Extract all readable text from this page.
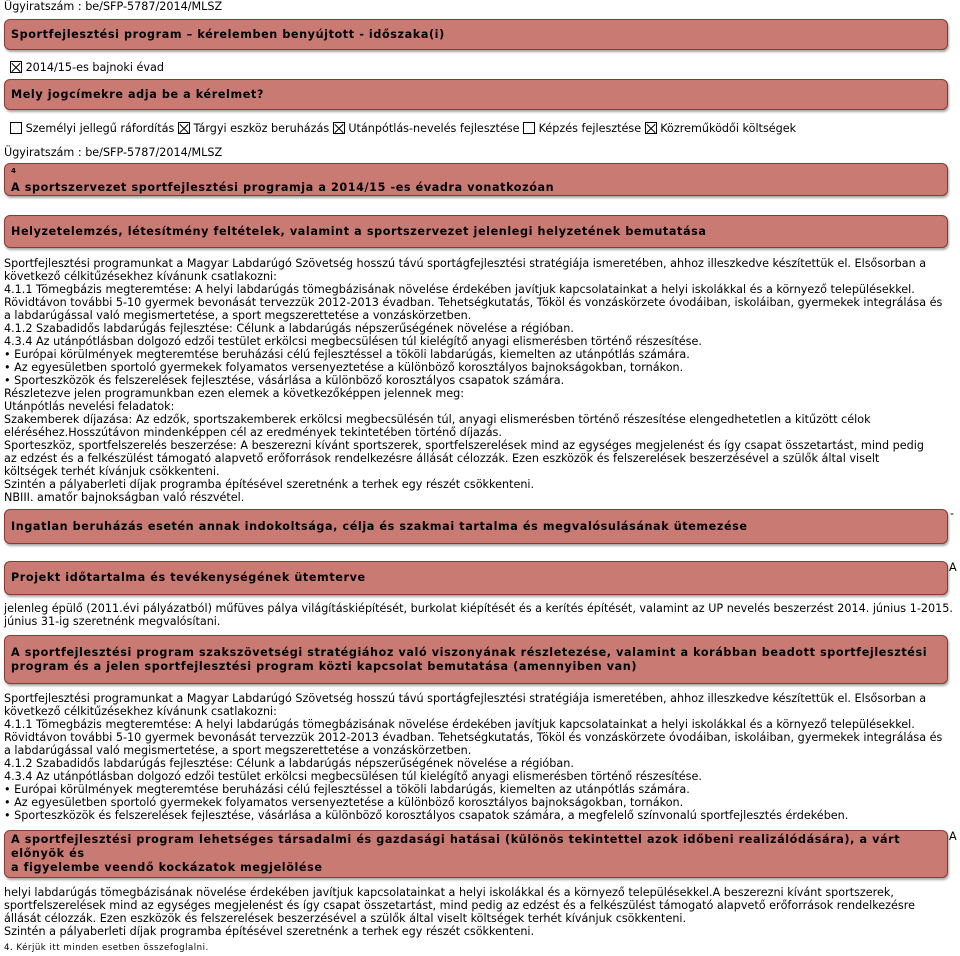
Ügyiratszám : be/SFP-5787/2014/MLSZ
Sportfejlesztési program – kérelemben benyújtott - időszaka(i)
2014/15-es bajnoki évad
Mely jogcímekre adja be a kérelmet?
Személyi jellegű ráfordítás Tárgyi eszköz beruházás Utánpótlás-nevelés fejlesztése Képzés fejlesztése Közreműködői költségek
Ügyiratszám : be/SFP-5787/2014/MLSZ
$^4$
A sportszervezet sportfejlesztési programja a 2014/15 -es évadra vonatkozóan
Helyzetelemzés, létesítmény feltételek, valamint a sportszervezet jelenlegi helyzetének bemutatása
Sportfejlesztési programunkat a Magyar Labdarúgó Szövetség hosszú távú sportágfejlesztési stratégiája ismeretében, ahhoz illeszkedve készítettük el. Elsősorban a
következő célkitűzésekhez kívánunk csatlakozni:
4.1.1 Tömegbázis megteremtése: A helyi labdarúgás tömegbázisának növelése érdekében javítjuk kapcsolatainkat a helyi iskolákkal és a környező településekkel.
Rövidtávon további 5-10 gyermek bevonását tervezzük 2012-2013 évadban. Tehetségkutatás, Tököl és vonzáskörzete óvodáiban, iskoláiban, gyermekek integrálása és
a labdarúgással való megismertetése, a sport megszerettetése a vonzáskörzetben.
4.1.2 Szabadidős labdarúgás fejlesztése: Célunk a labdarúgás népszerűségének növelése a régióban.
4.3.4 Az utánpótlásban dolgozó edzői testület erkölcsi megbecsülésen túl kielégítő anyagi elismerésben történő részesítése.
• Európai körülmények megteremtése beruházási célú fejlesztéssel a tököli labdarúgás, kiemelten az utánpótlás számára.
• Az egyesületben sportoló gyermekek folyamatos versenyeztetése a különböző korosztályos bajnokságokban, tornákon.
• Sporteszközök és felszerelések fejlesztése, vásárlása a különböző korosztályos csapatok számára.
Részletezve jelen programunkban ezen elemek a következőképpen jelennek meg:
Utánpótlás nevelési feladatok:
Szakemberek díjazása: Az edzők, sportszakemberek erkölcsi megbecsülésén túl, anyagi elismerésben történő részesítése elengedhetetlen a kitűzött célok
eléréséhez.Hosszútávon mindenképpen cél az eredmények tekintetében történő díjazás.
Sporteszköz, sportfelszerelés beszerzése: A beszerezni kívánt sportszerek, sportfelszerelések mind az egységes megjelenést és így csapat összetartást, mind pedig
az edzést és a felkészülést támogató alapvető erőforrások rendelkezésre állását célozzák. Ezen eszközök és felszerelések beszerzésével a szülők által viselt
költségek terhét kívánjuk csökkenteni.
Szintén a pályaberleti díjak programba építésével szeretnénk a terhek egy részét csökkenteni.
NBIII. amatőr bajnokságban való részvétel.
-
Ingatlan beruházás esetén annak indokoltsága, célja és szakmai tartalma és megvalósulásának ütemezése
A
Projekt időtartalma és tevékenységének ütemterve
jelenleg épülő (2011.évi pályázatból) műfüves pálya világításkiépítését, burkolat kiépítését és a kerítés építését, valamint az UP nevelés beszerzést 2014. június 1-2015.
június 31-ig szeretnénk megvalósítani.
A sportfejlesztési program szakszövetségi stratégiához való viszonyának részletezése, valamint a korábban beadott sportfejlesztési
program és a jelen sportfejlesztési program közti kapcsolat bemutatása (amennyiben van)
Sportfejlesztési programunkat a Magyar Labdarúgó Szövetség hosszú távú sportágfejlesztési stratégiája ismeretében, ahhoz illeszkedve készítettük el. Elsősorban a
következő célkitűzésekhez kívánunk csatlakozni:
4.1.1 Tömegbázis megteremtése: A helyi labdarúgás tömegbázisának növelése érdekében javítjuk kapcsolatainkat a helyi iskolákkal és a környező településekkel.
Rövidtávon további 5-10 gyermek bevonását tervezzük 2012-2013 évadban. Tehetségkutatás, Tököl és vonzáskörzete óvodáiban, iskoláiban, gyermekek integrálása és
a labdarúgással való megismertetése, a sport megszerettetése a vonzáskörzetben.
4.1.2 Szabadidős labdarúgás fejlesztése: Célunk a labdarúgás népszerűségének növelése a régióban.
4.3.4 Az utánpótlásban dolgozó edzői testület erkölcsi megbecsülésen túl kielégítő anyagi elismerésben történő részesítése.
• Európai körülmények megteremtése beruházási célú fejlesztéssel a tököli labdarúgás, kiemelten az utánpótlás számára.
• Az egyesületben sportoló gyermekek folyamatos versenyeztetése a különböző korosztályos bajnokságokban, tornákon.
• Sporteszközök és felszerelések fejlesztése, vásárlása a különböző korosztályos csapatok számára, a megfelelő színvonalú sportfejlesztés érdekében.
A
A sportfejlesztési program lehetséges társadalmi és gazdasági hatásai (különös tekintettel azok időbeni realizálódására), a várt előnyök és
a figyelembe veendő kockázatok megjelölése
helyi labdarúgás tömegbázisának növelése érdekében javítjuk kapcsolatainkat a helyi iskolákkal és a környező településekkel.A beszerezni kívánt sportszerek,
sportfelszerelések mind az egységes megjelenést és így csapat összetartást, mind pedig az edzést és a felkészülést támogató alapvető erőforrások rendelkezésre
állását célozzák. Ezen eszközök és felszerelések beszerzésével a szülők által viselt költségek terhét kívánjuk csökkenteni.
Szintén a pályaberleti díjak programba építésével szeretnénk a terhek egy részét csökkenteni.
4. Kérjük itt minden esetben összefoglalni.
